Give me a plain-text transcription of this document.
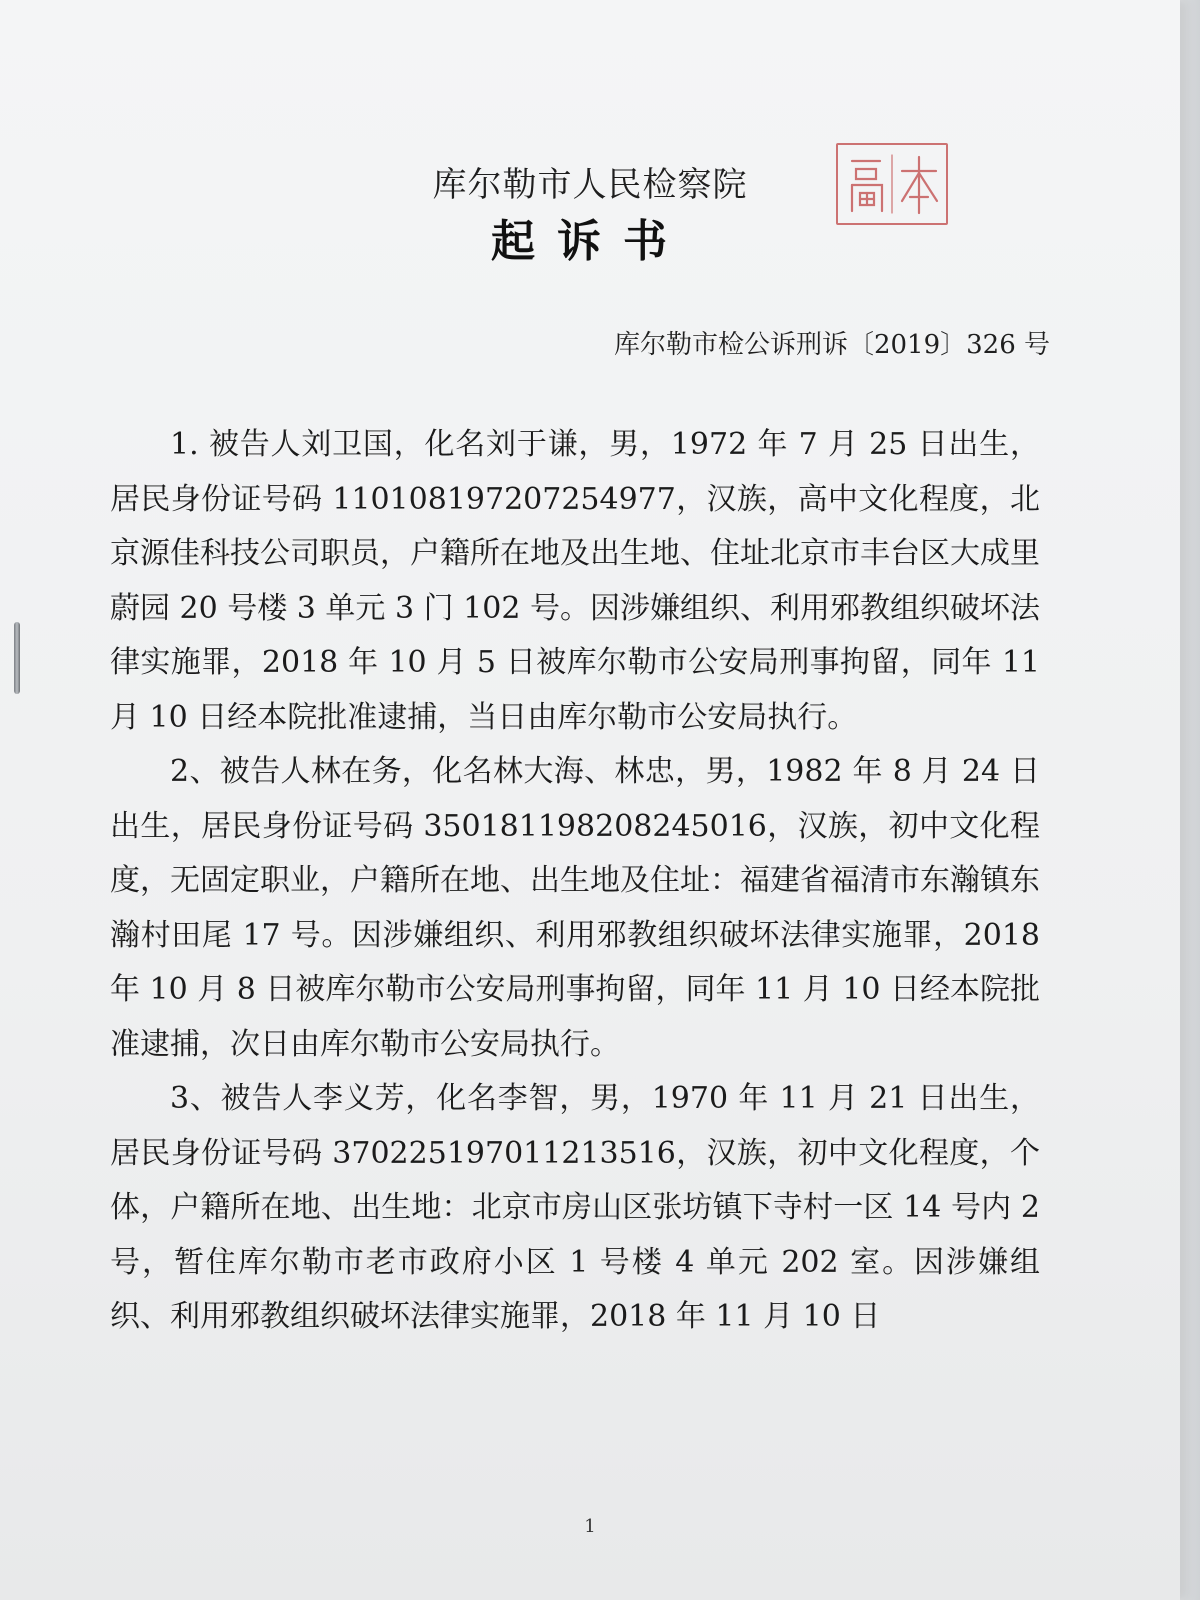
库尔勒市人民检察院
起诉书
库尔勒市检公诉刑诉〔2019〕326 号

1. 被告人刘卫国，化名刘于谦，男，1972 年 7 月 25 日出生，居民身份证号码 110108197207254977，汉族，高中文化程度，北京源佳科技公司职员，户籍所在地及出生地、住址北京市丰台区大成里蔚园 20 号楼 3 单元 3 门 102 号。因涉嫌组织、利用邪教组织破坏法律实施罪，2018 年 10 月 5 日被库尔勒市公安局刑事拘留，同年 11 月 10 日经本院批准逮捕，当日由库尔勒市公安局执行。

2、被告人林在务，化名林大海、林忠，男，1982 年 8 月 24 日出生，居民身份证号码 350181198208245016，汉族，初中文化程度，无固定职业，户籍所在地、出生地及住址：福建省福清市东瀚镇东瀚村田尾 17 号。因涉嫌组织、利用邪教组织破坏法律实施罪，2018 年 10 月 8 日被库尔勒市公安局刑事拘留，同年 11 月 10 日经本院批准逮捕，次日由库尔勒市公安局执行。

3、被告人李义芳，化名李智，男，1970 年 11 月 21 日出生，居民身份证号码 370225197011213516，汉族，初中文化程度，个体，户籍所在地、出生地：北京市房山区张坊镇下寺村一区 14 号内 2 号，暂住库尔勒市老市政府小区 1 号楼 4 单元 202 室。因涉嫌组织、利用邪教组织破坏法律实施罪，2018 年 11 月 10 日

1
